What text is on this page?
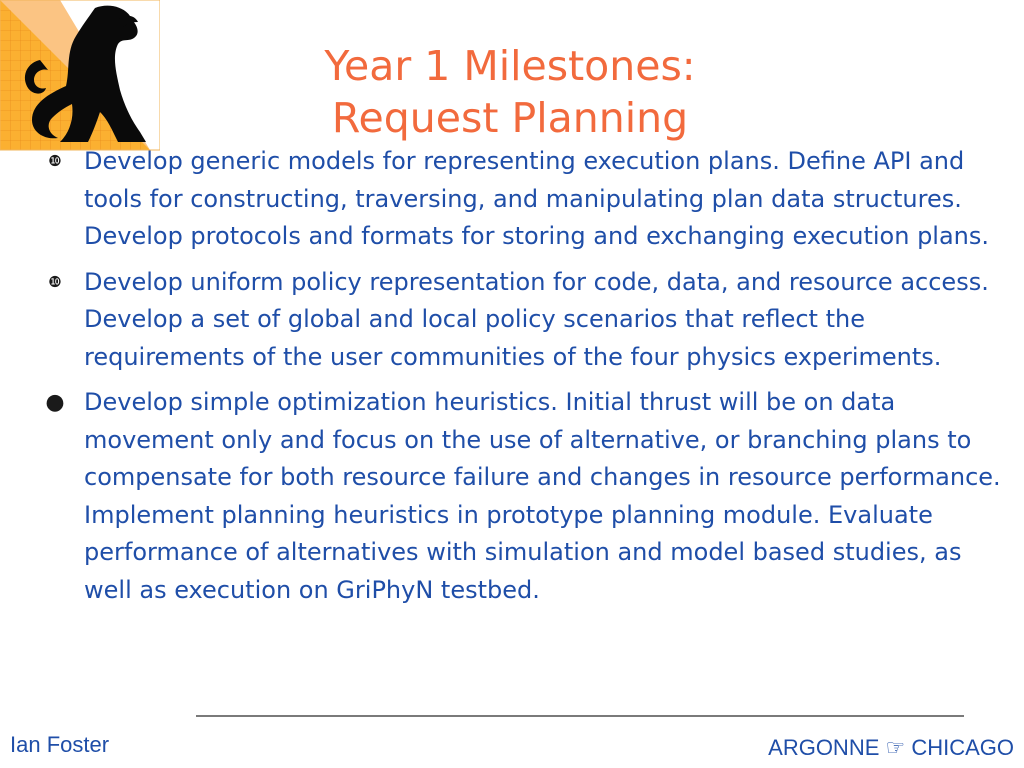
Year 1 Milestones:
Request Planning
❿ Develop generic models for representing execution plans. Define API and tools for constructing, traversing, and manipulating plan data structures. Develop protocols and formats for storing and exchanging execution plans.
❿ Develop uniform policy representation for code, data, and resource access. Develop a set of global and local policy scenarios that reflect the requirements of the user communities of the four physics experiments.
● Develop simple optimization heuristics. Initial thrust will be on data movement only and focus on the use of alternative, or branching plans to compensate for both resource failure and changes in resource performance. Implement planning heuristics in prototype planning module. Evaluate performance of alternatives with simulation and model based studies, as well as execution on GriPhyN testbed.
Ian Foster	ARGONNE ☞ CHICAGO
